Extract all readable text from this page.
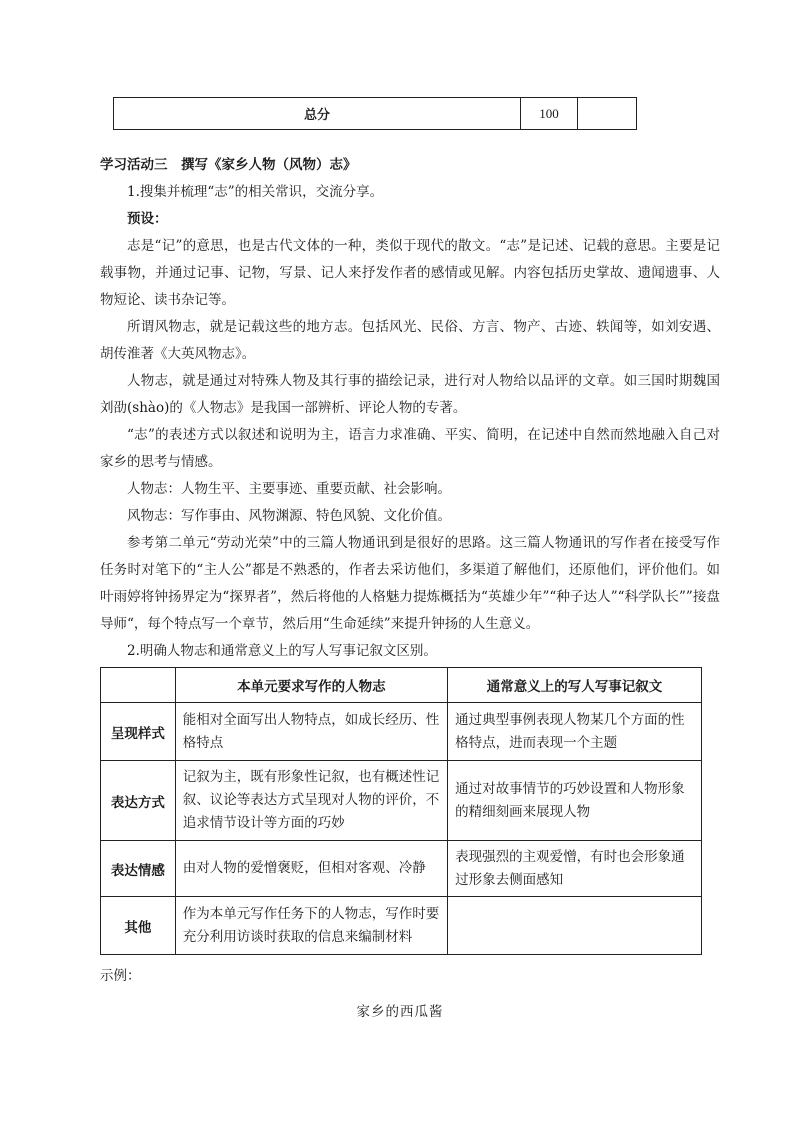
总分	100	

学习活动三　撰写《家乡人物（风物）志》

1.搜集并梳理“志”的相关常识，交流分享。

预设：

志是“记”的意思，也是古代文体的一种，类似于现代的散文。“志”是记述、记载的意思。主要是记载事物，并通过记事、记物，写景、记人来抒发作者的感情或见解。内容包括历史掌故、遗闻遗事、人物短论、读书杂记等。

所谓风物志，就是记载这些的地方志。包括风光、民俗、方言、物产、古迹、轶闻等，如刘安遇、胡传淮著《大英风物志》。

人物志，就是通过对特殊人物及其行事的描绘记录，进行对人物给以品评的文章。如三国时期魏国刘劭(shào)的《人物志》是我国一部辨析、评论人物的专著。

“志”的表述方式以叙述和说明为主，语言力求准确、平实、简明，在记述中自然而然地融入自己对家乡的思考与情感。

人物志：人物生平、主要事迹、重要贡献、社会影响。

风物志：写作事由、风物渊源、特色风貌、文化价值。

参考第二单元“劳动光荣”中的三篇人物通讯到是很好的思路。这三篇人物通讯的写作者在接受写作任务时对笔下的“主人公”都是不熟悉的，作者去采访他们，多渠道了解他们，还原他们，评价他们。如叶雨婷将钟扬界定为“探界者”，然后将他的人格魅力提炼概括为“英雄少年”“种子达人”“科学队长””接盘导师“，每个特点写一个章节，然后用“生命延续”来提升钟扬的人生意义。

2.明确人物志和通常意义上的写人写事记叙文区别。

	本单元要求写作的人物志	通常意义上的写人写事记叙文
呈现样式	能相对全面写出人物特点，如成长经历、性格特点	通过典型事例表现人物某几个方面的性格特点，进而表现一个主题
表达方式	记叙为主，既有形象性记叙，也有概述性记叙、议论等表达方式呈现对人物的评价，不追求情节设计等方面的巧妙	通过对故事情节的巧妙设置和人物形象的精细刻画来展现人物
表达情感	由对人物的爱憎褒贬，但相对客观、冷静	表现强烈的主观爱憎，有时也会形象通过形象去侧面感知
其他	作为本单元写作任务下的人物志，写作时要充分利用访谈时获取的信息来编制材料	
示例：
家乡的西瓜酱
